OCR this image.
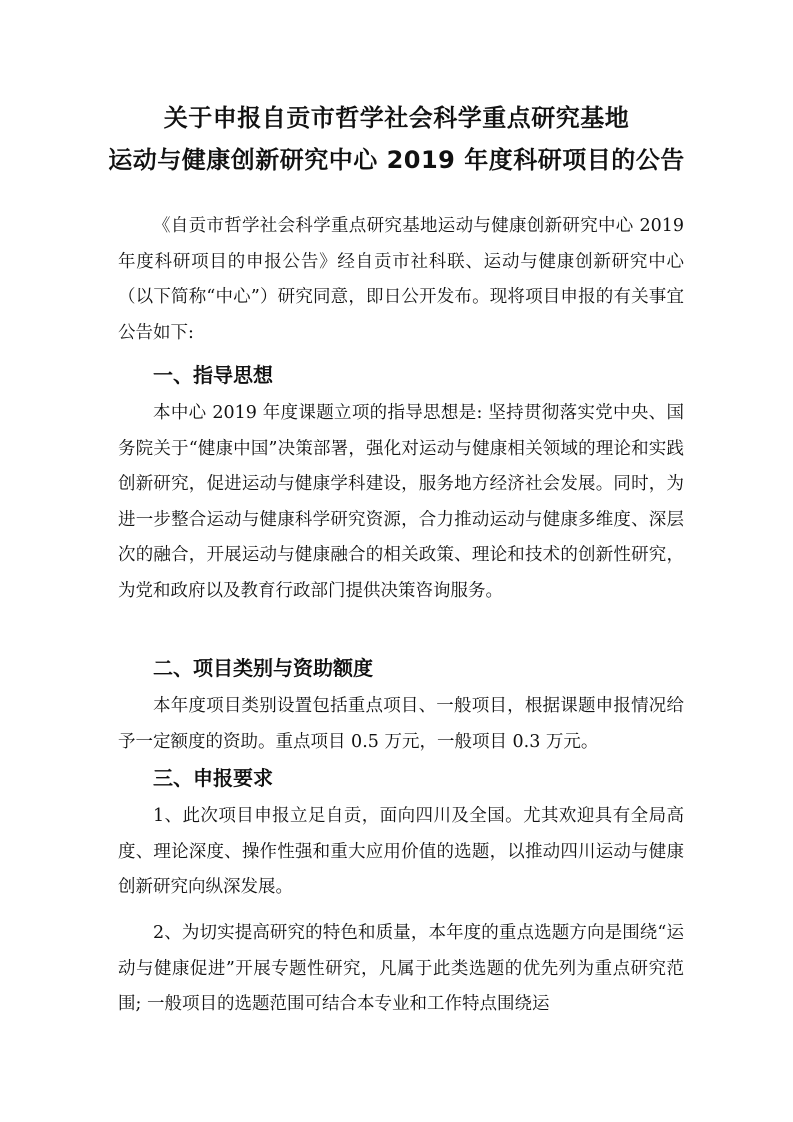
关于申报自贡市哲学社会科学重点研究基地
运动与健康创新研究中心 2019 年度科研项目的公告
《自贡市哲学社会科学重点研究基地运动与健康创新研究中心 2019 年度科研项目的申报公告》经自贡市社科联、运动与健康创新研究中心（以下简称“中心”）研究同意，即日公开发布。现将项目申报的有关事宜公告如下:
一、指导思想
本中心 2019 年度课题立项的指导思想是: 坚持贯彻落实党中央、国务院关于“健康中国”决策部署，强化对运动与健康相关领域的理论和实践创新研究，促进运动与健康学科建设，服务地方经济社会发展。同时，为进一步整合运动与健康科学研究资源，合力推动运动与健康多维度、深层次的融合，开展运动与健康融合的相关政策、理论和技术的创新性研究，为党和政府以及教育行政部门提供决策咨询服务。
二、项目类别与资助额度
本年度项目类别设置包括重点项目、一般项目，根据课题申报情况给予一定额度的资助。重点项目 0.5 万元，一般项目 0.3 万元。
三、申报要求
1、此次项目申报立足自贡，面向四川及全国。尤其欢迎具有全局高度、理论深度、操作性强和重大应用价值的选题，以推动四川运动与健康创新研究向纵深发展。
2、为切实提高研究的特色和质量，本年度的重点选题方向是围绕“运动与健康促进”开展专题性研究，凡属于此类选题的优先列为重点研究范围; 一般项目的选题范围可结合本专业和工作特点围绕运
